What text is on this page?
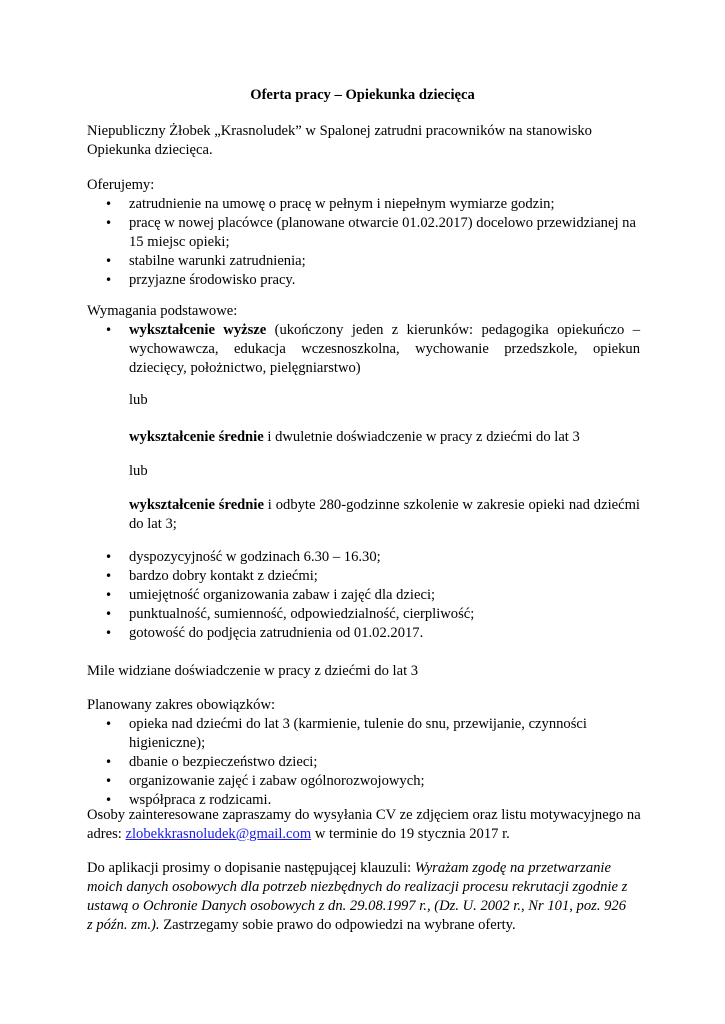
Oferta pracy – Opiekunka dziecięca

Niepubliczny Żłobek „Krasnoludek” w Spalonej zatrudni pracowników na stanowisko Opiekunka dziecięca.

Oferujemy:

• zatrudnienie na umowę o pracę w pełnym i niepełnym wymiarze godzin;
• pracę w nowej placówce (planowane otwarcie 01.02.2017) docelowo przewidzianej na 15 miejsc opieki;
• stabilne warunki zatrudnienia;
• przyjazne środowisko pracy.

Wymagania podstawowe:

• wykształcenie wyższe (ukończony jeden z kierunków: pedagogika opiekuńczo – wychowawcza, edukacja wczesnoszkolna, wychowanie przedszkole, opiekun dziecięcy, położnictwo, pielęgniarstwo)

lub

wykształcenie średnie i dwuletnie doświadczenie w pracy z dziećmi do lat 3

lub

wykształcenie średnie i odbyte 280-godzinne szkolenie w zakresie opieki nad dziećmi do lat 3;

• dyspozycyjność w godzinach 6.30 – 16.30;
• bardzo dobry kontakt z dziećmi;
• umiejętność organizowania zabaw i zajęć dla dzieci;
• punktualność, sumienność, odpowiedzialność, cierpliwość;
• gotowość do podjęcia zatrudnienia od 01.02.2017.

Mile widziane doświadczenie w pracy z dziećmi do lat 3

Planowany zakres obowiązków:

• opieka nad dziećmi do lat 3 (karmienie, tulenie do snu, przewijanie, czynności higieniczne);
• dbanie o bezpieczeństwo dzieci;
• organizowanie zajęć i zabaw ogólnorozwojowych;
• współpraca z rodzicami.

Osoby zainteresowane zapraszamy do wysyłania CV ze zdjęciem oraz listu motywacyjnego na adres: zlobekkrasnoludek@gmail.com w terminie do 19 stycznia 2017 r.

Do aplikacji prosimy o dopisanie następującej klauzuli: Wyrażam zgodę na przetwarzanie moich danych osobowych dla potrzeb niezbędnych do realizacji procesu rekrutacji zgodnie z ustawą o Ochronie Danych osobowych z dn. 29.08.1997 r., (Dz. U. 2002 r., Nr 101, poz. 926 z późn. zm.). Zastrzegamy sobie prawo do odpowiedzi na wybrane oferty.
